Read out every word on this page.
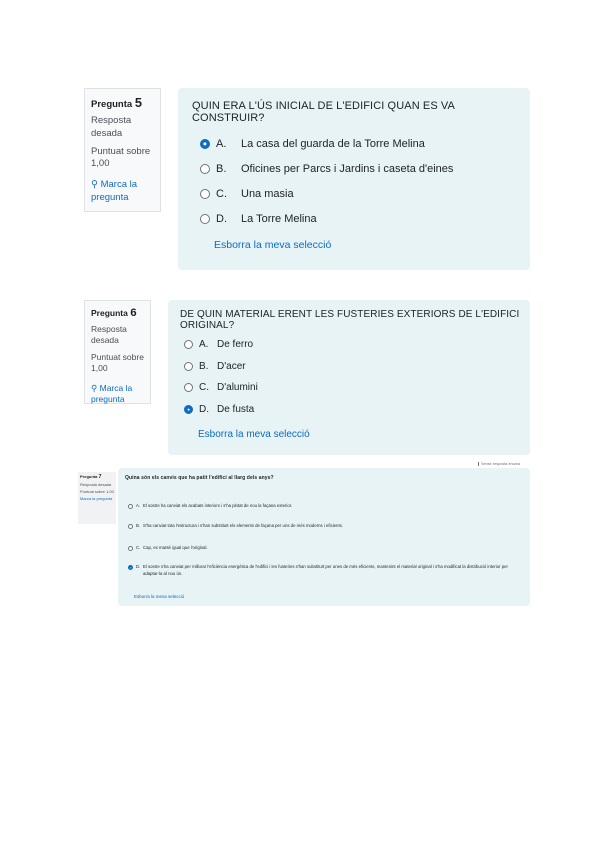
Pregunta 5
Resposta desada
Puntuat sobre 1,00
⚲ Marca la pregunta
QUIN ERA L'ÚS INICIAL DE L'EDIFICI QUAN ES VA CONSTRUIR?
A.	La casa del guarda de la Torre Melina
B.	Oficines per Parcs i Jardins i caseta d'eines
C.	Una masia
D.	La Torre Melina
Esborra la meva selecció
Pregunta 6
Resposta desada
Puntuat sobre 1,00
⚲ Marca la pregunta
DE QUIN MATERIAL ERENT LES FUSTERIES EXTERIORS DE L'EDIFICI ORIGINAL?
A. De ferro
B. D'acer
C. D'alumini
D. De fusta
Esborra la meva selecció
Sense resposta encara
Pregunta 7
Resposta desada
Puntuat sobre 1,00
Marca la pregunta
Quina són els canvis que ha patit l'edifici al llarg dels anys?
A. El sostre ha canviat els acabats interiors i s'ha pintat de nou la façana exterior.
B. S'ha canviat tota l'estructura i s'han substituït els elements de façana per uns de més moderns i eficients.
C. Cap, es manté igual que l'original.
D. El sostre s'ha canviat per millorar l'eficiència energètica de l'edifici i les fusteries s'han substituït per unes de més eficients, mantenint el material original i s'ha modificat la distribució interior per adaptar-la al nou ús.
Esborra la meva selecció
